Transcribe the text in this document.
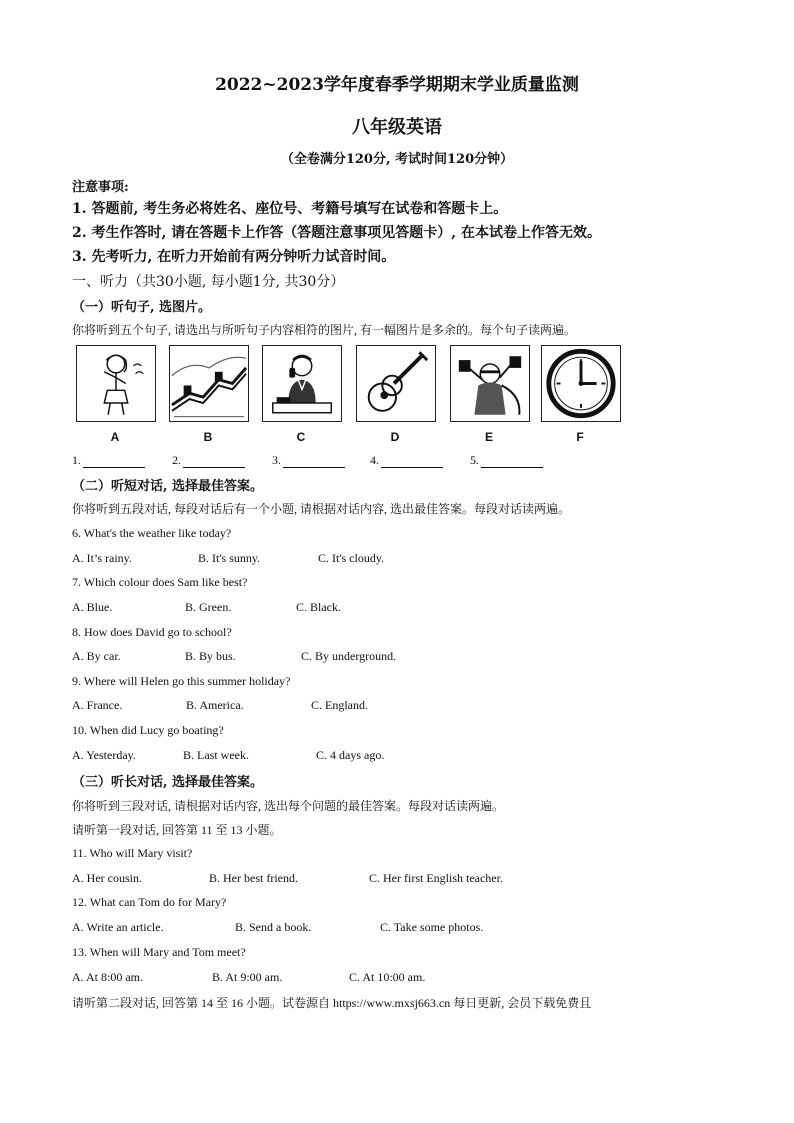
2022~2023学年度春季学期期末学业质量监测
八年级英语
（全卷满分120分, 考试时间120分钟）
注意事项:
1. 答题前, 考生务必将姓名、座位号、考籍号填写在试卷和答题卡上。
2. 考生作答时, 请在答题卡上作答（答题注意事项见答题卡）, 在本试卷上作答无效。
3. 先考听力, 在听力开始前有两分钟听力试音时间。
一、听力（共30小题, 每小题1分, 共30分）
（一）听句子, 选图片。
你将听到五个句子, 请选出与所听句子内容相符的图片, 有一幅图片是多余的。每个句子读两遍。
A	B	C	D	E	F
1.	2.	3.	4.	5.
（二）听短对话, 选择最佳答案。
你将听到五段对话, 每段对话后有一个小题, 请根据对话内容, 选出最佳答案。每段对话读两遍。
6. What's the weather like today?
A. It’s rainy.	B. It's sunny.	C. It's cloudy.
7. Which colour does Sam like best?
A. Blue.	B. Green.	C. Black.
8. How does David go to school?
A. By car.	B. By bus.	C. By underground.
9. Where will Helen go this summer holiday?
A. France.	B. America.	C. England.
10. When did Lucy go boating?
A. Yesterday.	B. Last week.	C. 4 days ago.
（三）听长对话, 选择最佳答案。
你将听到三段对话, 请根据对话内容, 选出每个问题的最佳答案。每段对话读两遍。
请听第一段对话, 回答第 11 至 13 小题。
11. Who will Mary visit?
A. Her cousin.	B. Her best friend.	C. Her first English teacher.
12. What can Tom do for Mary?
A. Write an article.	B. Send a book.	C. Take some photos.
13. When will Mary and Tom meet?
A. At 8:00 am.	B. At 9:00 am.	C. At 10:00 am.
请听第二段对话, 回答第 14 至 16 小题。试卷源自 https://www.mxsj663.cn 每日更新, 会员下载免费且
